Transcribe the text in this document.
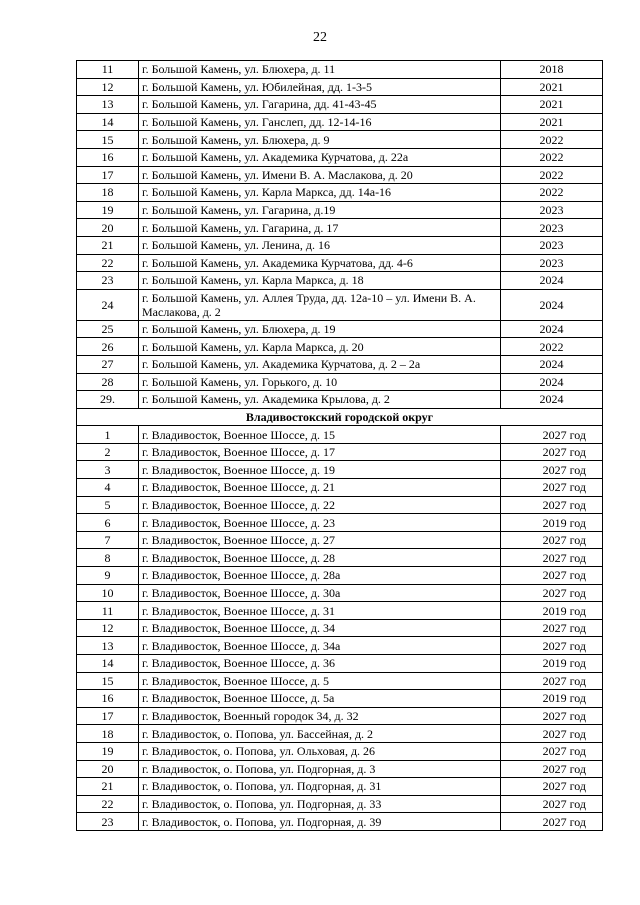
22
11	г. Большой Камень, ул. Блюхера, д. 11	2018
12	г. Большой Камень, ул. Юбилейная, дд. 1-3-5	2021
13	г. Большой Камень, ул. Гагарина, дд. 41-43-45	2021
14	г. Большой Камень, ул. Ганслеп, дд. 12-14-16	2021
15	г. Большой Камень, ул. Блюхера, д. 9	2022
16	г. Большой Камень, ул. Академика Курчатова, д. 22а	2022
17	г. Большой Камень, ул. Имени В. А. Маслакова, д. 20	2022
18	г. Большой Камень, ул. Карла Маркса, дд. 14а-16	2022
19	г. Большой Камень, ул. Гагарина, д.19	2023
20	г. Большой Камень, ул. Гагарина, д. 17	2023
21	г. Большой Камень, ул. Ленина, д. 16	2023
22	г. Большой Камень, ул. Академика Курчатова, дд. 4-6	2023
23	г. Большой Камень, ул. Карла Маркса, д. 18	2024
24	г. Большой Камень, ул. Аллея Труда, дд. 12а-10 – ул. Имени В. А. Маслакова, д. 2	2024
25	г. Большой Камень, ул. Блюхера, д. 19	2024
26	г. Большой Камень, ул. Карла Маркса, д. 20	2022
27	г. Большой Камень, ул. Академика Курчатова, д. 2 – 2а	2024
28	г. Большой Камень, ул. Горького, д. 10	2024
29.	г. Большой Камень, ул. Академика Крылова, д. 2	2024
Владивостокский городской округ		
1	г. Владивосток, Военное Шоссе, д. 15	2027 год
2	г. Владивосток, Военное Шоссе, д. 17	2027 год
3	г. Владивосток, Военное Шоссе, д. 19	2027 год
4	г. Владивосток, Военное Шоссе, д. 21	2027 год
5	г. Владивосток, Военное Шоссе, д. 22	2027 год
6	г. Владивосток, Военное Шоссе, д. 23	2019 год
7	г. Владивосток, Военное Шоссе, д. 27	2027 год
8	г. Владивосток, Военное Шоссе, д. 28	2027 год
9	г. Владивосток, Военное Шоссе, д. 28а	2027 год
10	г. Владивосток, Военное Шоссе, д. 30а	2027 год
11	г. Владивосток, Военное Шоссе, д. 31	2019 год
12	г. Владивосток, Военное Шоссе, д. 34	2027 год
13	г. Владивосток, Военное Шоссе, д. 34а	2027 год
14	г. Владивосток, Военное Шоссе, д. 36	2019 год
15	г. Владивосток, Военное Шоссе, д. 5	2027 год
16	г. Владивосток, Военное Шоссе, д. 5а	2019 год
17	г. Владивосток, Военный городок 34, д. 32	2027 год
18	г. Владивосток, о. Попова, ул. Бассейная, д. 2	2027 год
19	г. Владивосток, о. Попова, ул. Ольховая, д. 26	2027 год
20	г. Владивосток, о. Попова, ул. Подгорная, д. 3	2027 год
21	г. Владивосток, о. Попова, ул. Подгорная, д. 31	2027 год
22	г. Владивосток, о. Попова, ул. Подгорная, д. 33	2027 год
23	г. Владивосток, о. Попова, ул. Подгорная, д. 39	2027 год
